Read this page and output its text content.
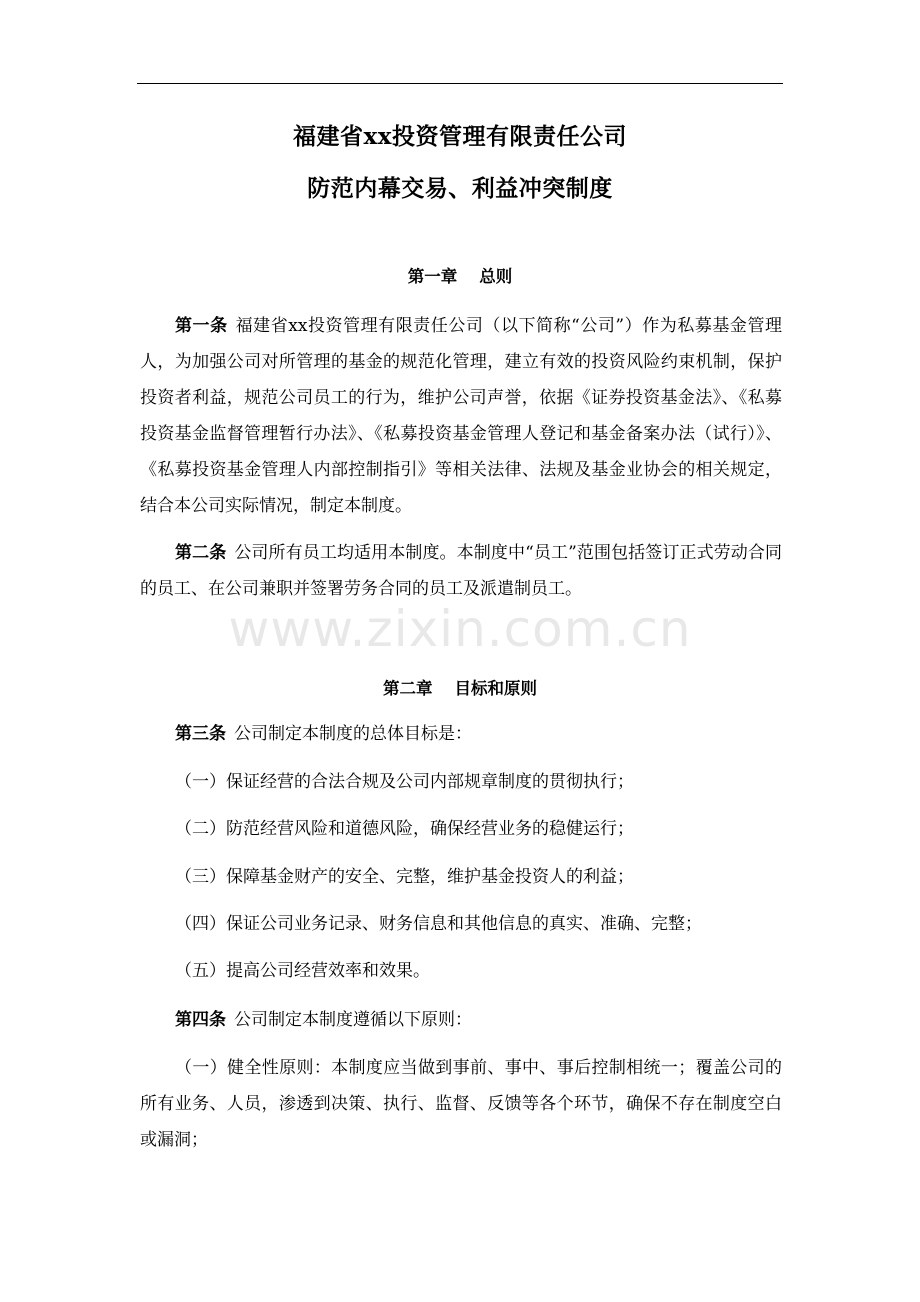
福建省xx投资管理有限责任公司
防范内幕交易、利益冲突制度
第一章 总则
第一条 福建省xx投资管理有限责任公司（以下简称“公司”）作为私募基金管理人，为加强公司对所管理的基金的规范化管理，建立有效的投资风险约束机制，保护投资者利益，规范公司员工的行为，维护公司声誉，依据《证券投资基金法》、《私募投资基金监督管理暂行办法》、《私募投资基金管理人登记和基金备案办法（试行）》、《私募投资基金管理人内部控制指引》等相关法律、法规及基金业协会的相关规定，结合本公司实际情况，制定本制度。
第二条 公司所有员工均适用本制度。本制度中“员工”范围包括签订正式劳动合同的员工、在公司兼职并签署劳务合同的员工及派遣制员工。
www.zixin.com.cn
第二章 目标和原则
第三条 公司制定本制度的总体目标是：
（一）保证经营的合法合规及公司内部规章制度的贯彻执行；
（二）防范经营风险和道德风险，确保经营业务的稳健运行；
（三）保障基金财产的安全、完整，维护基金投资人的利益；
（四）保证公司业务记录、财务信息和其他信息的真实、准确、完整；
（五）提高公司经营效率和效果。
第四条 公司制定本制度遵循以下原则：
（一）健全性原则：本制度应当做到事前、事中、事后控制相统一；覆盖公司的所有业务、人员，渗透到决策、执行、监督、反馈等各个环节，确保不存在制度空白或漏洞；
